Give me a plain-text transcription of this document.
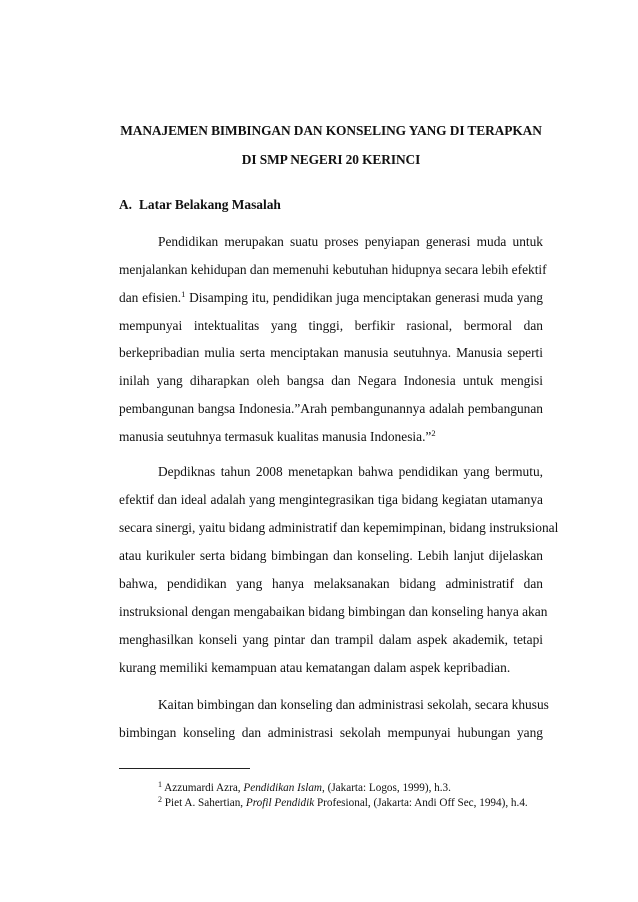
MANAJEMEN BIMBINGAN DAN KONSELING YANG DI TERAPKAN
DI SMP NEGERI 20 KERINCI
A. Latar Belakang Masalah
Pendidikan merupakan suatu proses penyiapan generasi muda untuk
menjalankan kehidupan dan memenuhi kebutuhan hidupnya secara lebih efektif
dan efisien.$^1$ Disamping itu, pendidikan juga menciptakan generasi muda yang
mempunyai intektualitas yang tinggi, berfikir rasional, bermoral dan
berkepribadian mulia serta menciptakan manusia seutuhnya. Manusia seperti
inilah yang diharapkan oleh bangsa dan Negara Indonesia untuk mengisi
pembangunan bangsa Indonesia.”Arah pembangunannya adalah pembangunan
manusia seutuhnya termasuk kualitas manusia Indonesia.”$^2$
Depdiknas tahun 2008 menetapkan bahwa pendidikan yang bermutu,
efektif dan ideal adalah yang mengintegrasikan tiga bidang kegiatan utamanya
secara sinergi, yaitu bidang administratif dan kepemimpinan, bidang instruksional
atau kurikuler serta bidang bimbingan dan konseling. Lebih lanjut dijelaskan
bahwa, pendidikan yang hanya melaksanakan bidang administratif dan
instruksional dengan mengabaikan bidang bimbingan dan konseling hanya akan
menghasilkan konseli yang pintar dan trampil dalam aspek akademik, tetapi
kurang memiliki kemampuan atau kematangan dalam aspek kepribadian.
Kaitan bimbingan dan konseling dan administrasi sekolah, secara khusus
bimbingan konseling dan administrasi sekolah mempunyai hubungan yang
$^1$ Azzumardi Azra, Pendidikan Islam, (Jakarta: Logos, 1999), h.3.
$^2$ Piet A. Sahertian, Profil Pendidik Profesional, (Jakarta: Andi Off Sec, 1994), h.4.
